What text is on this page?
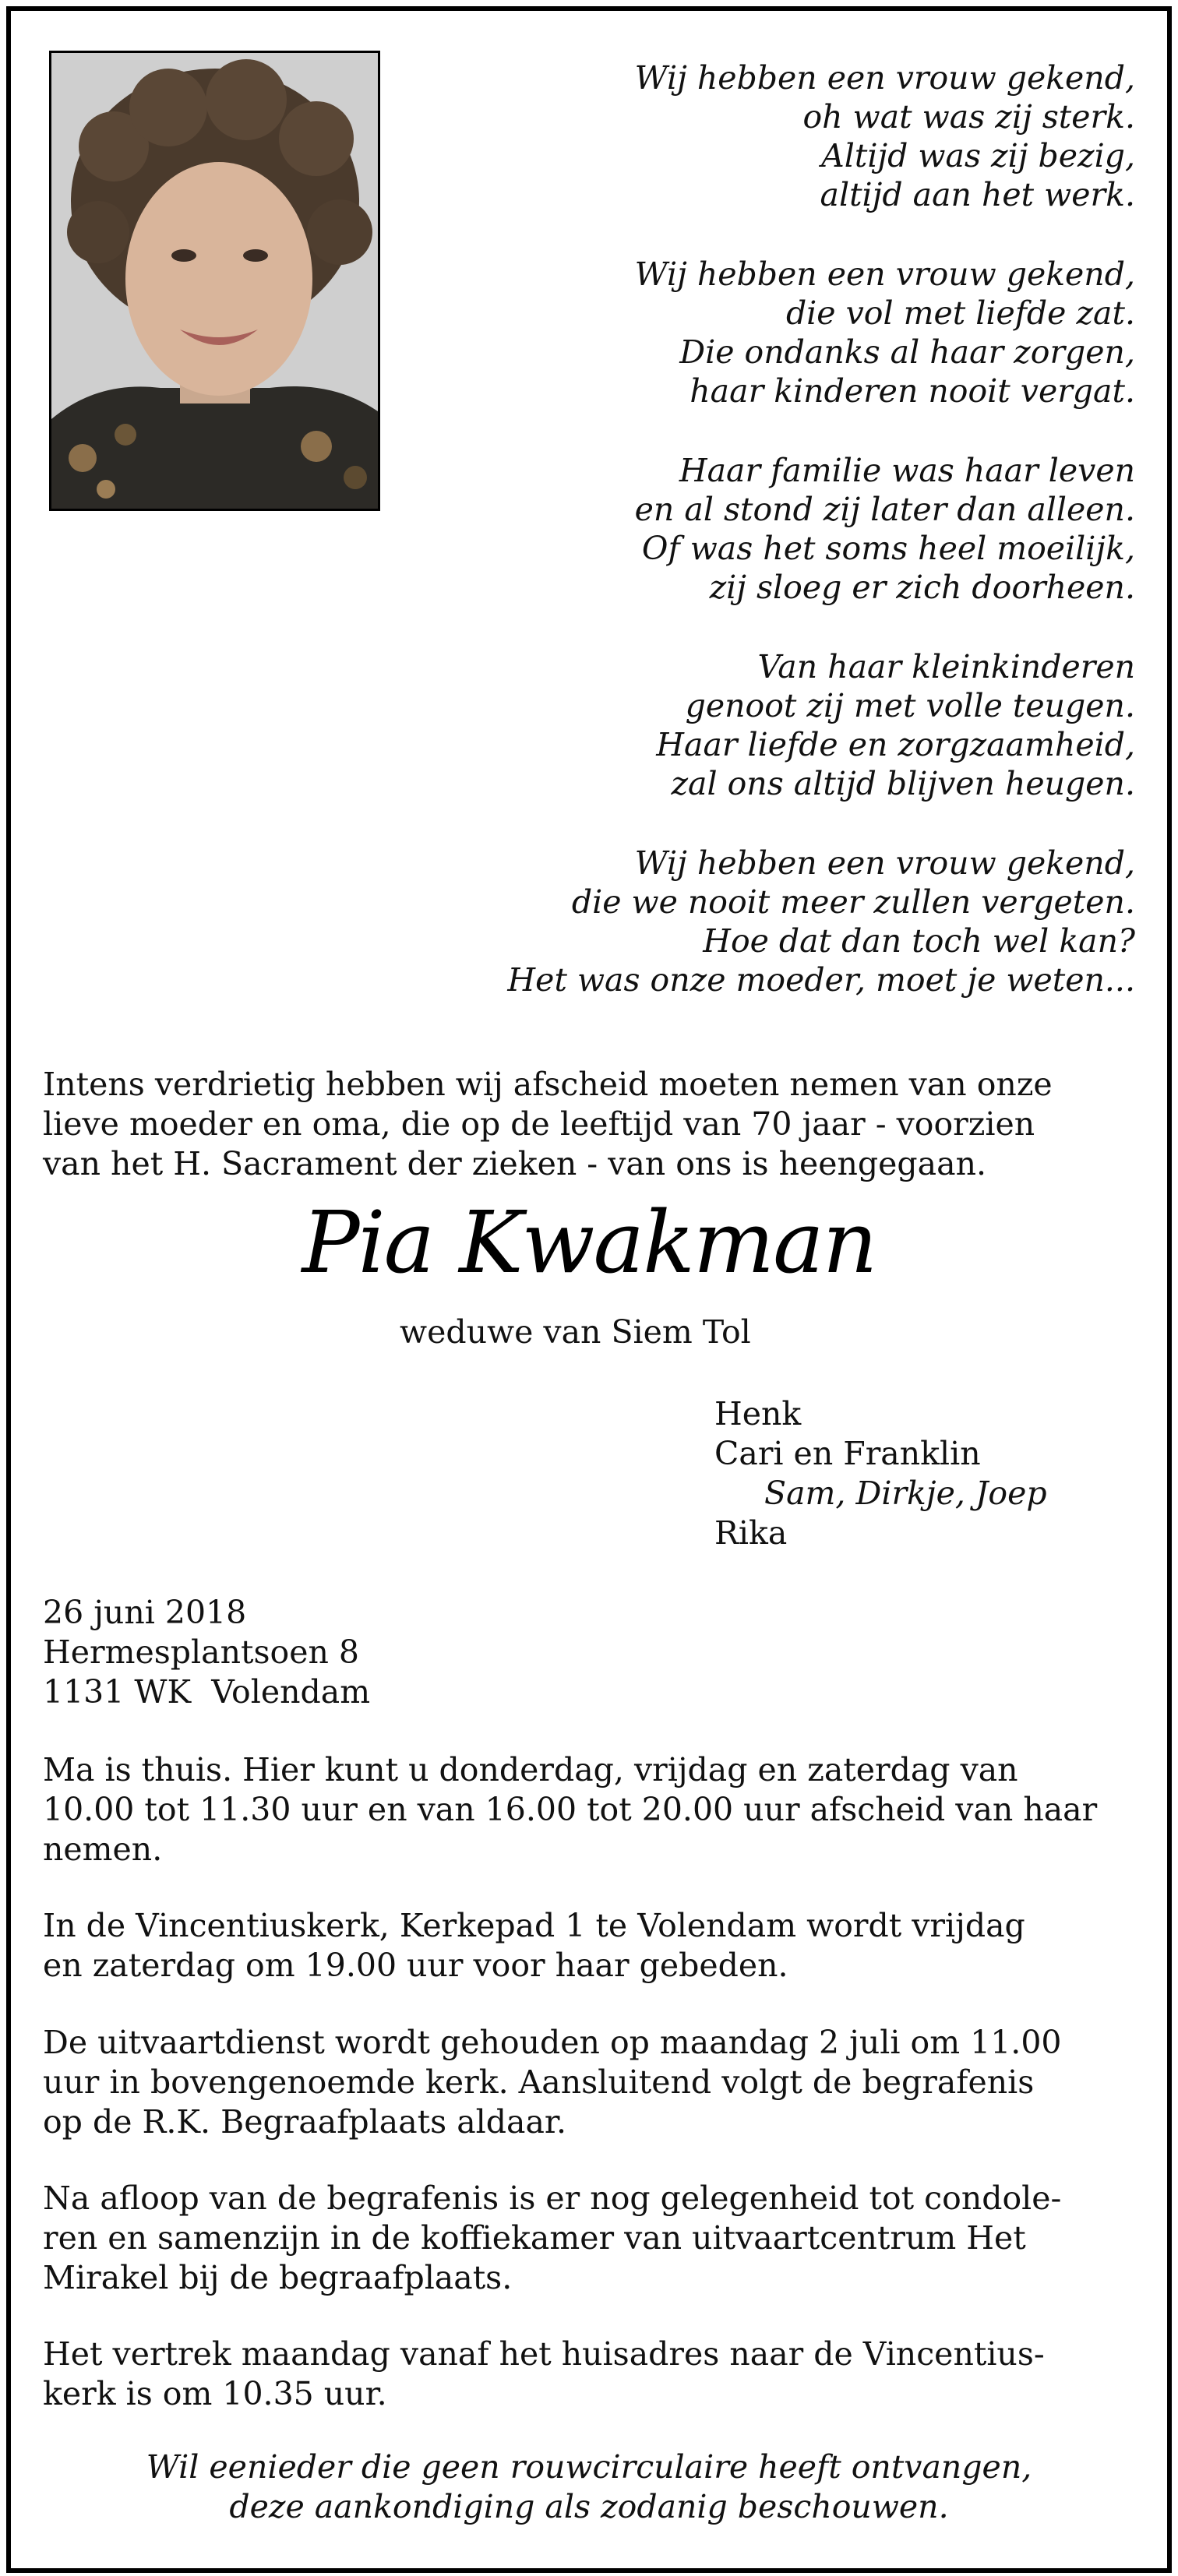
Wij hebben een vrouw gekend,
oh wat was zij sterk.
Altijd was zij bezig,
altijd aan het werk.
Wij hebben een vrouw gekend,
die vol met liefde zat.
Die ondanks al haar zorgen,
haar kinderen nooit vergat.
Haar familie was haar leven
en al stond zij later dan alleen.
Of was het soms heel moeilijk,
zij sloeg er zich doorheen.
Van haar kleinkinderen
genoot zij met volle teugen.
Haar liefde en zorgzaamheid,
zal ons altijd blijven heugen.
Wij hebben een vrouw gekend,
die we nooit meer zullen vergeten.
Hoe dat dan toch wel kan?
Het was onze moeder, moet je weten...
Intens verdrietig hebben wij afscheid moeten nemen van onze
lieve moeder en oma, die op de leeftijd van 70 jaar - voorzien
van het H. Sacrament der zieken - van ons is heengegaan.
Pia Kwakman
weduwe van Siem Tol
Henk
Cari en Franklin
Sam, Dirkje, Joep
Rika
26 juni 2018
Hermesplantsoen 8
1131 WK  Volendam
Ma is thuis. Hier kunt u donderdag, vrijdag en zaterdag van
10.00 tot 11.30 uur en van 16.00 tot 20.00 uur afscheid van haar
nemen.
In de Vincentiuskerk, Kerkepad 1 te Volendam wordt vrijdag
en zaterdag om 19.00 uur voor haar gebeden.
De uitvaartdienst wordt gehouden op maandag 2 juli om 11.00
uur in bovengenoemde kerk. Aansluitend volgt de begrafenis
op de R.K. Begraafplaats aldaar.
Na afloop van de begrafenis is er nog gelegenheid tot condole-
ren en samenzijn in de koffiekamer van uitvaartcentrum Het
Mirakel bij de begraafplaats.
Het vertrek maandag vanaf het huisadres naar de Vincentius-
kerk is om 10.35 uur.
Wil eenieder die geen rouwcirculaire heeft ontvangen,
deze aankondiging als zodanig beschouwen.
